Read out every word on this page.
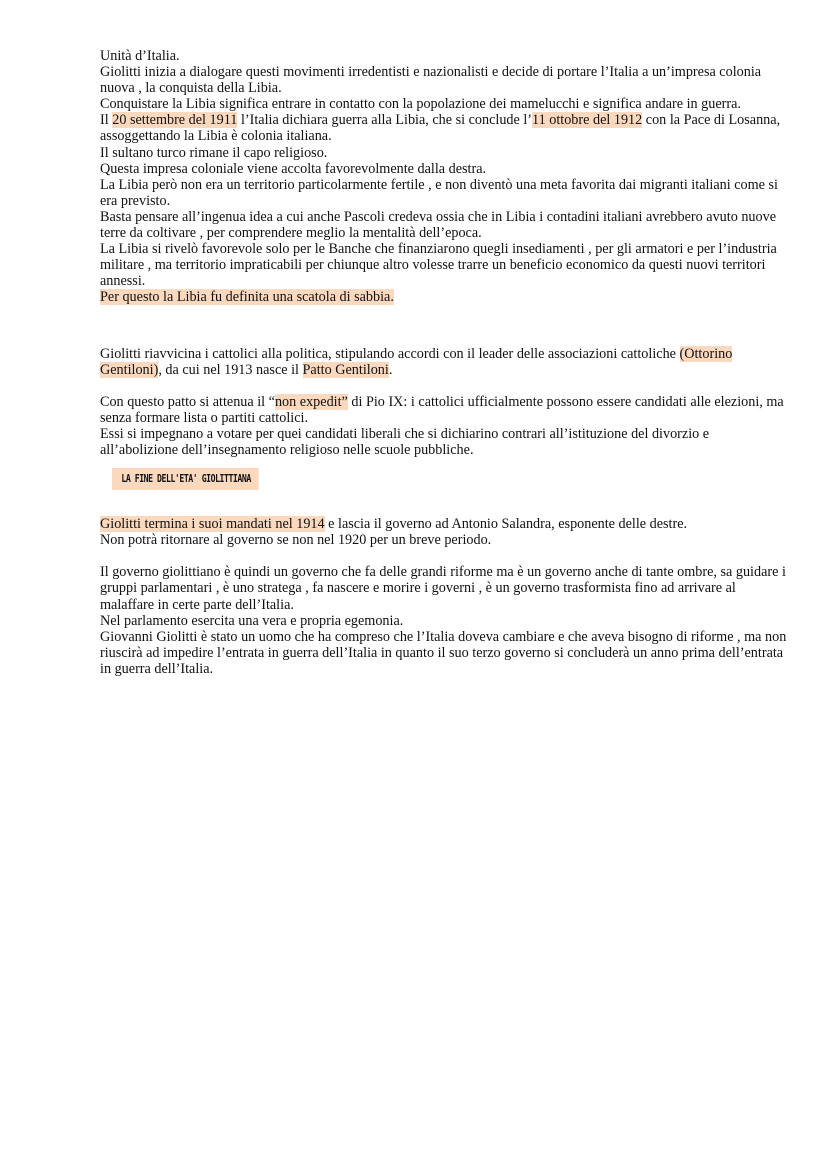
Unità d’Italia.

Giolitti inizia a dialogare questi movimenti irredentisti e nazionalisti e decide di portare l’Italia a un’impresa colonia nuova , la conquista della Libia.

Conquistare la Libia significa entrare in contatto con la popolazione dei mamelucchi e significa andare in guerra.

Il 20 settembre del 1911 l’Italia dichiara guerra alla Libia, che si conclude l’11 ottobre del 1912 con la Pace di Losanna, assoggettando la Libia è colonia italiana.

Il sultano turco rimane il capo religioso.

Questa impresa coloniale viene accolta favorevolmente dalla destra.

La Libia però non era un territorio particolarmente fertile , e non diventò una meta favorita dai migranti italiani come si era previsto.

Basta pensare all’ingenua idea a cui anche Pascoli credeva ossia che in Libia i contadini italiani avrebbero avuto nuove terre da coltivare , per comprendere meglio la mentalità dell’epoca.

La Libia si rivelò favorevole solo per le Banche che finanziarono quegli insediamenti , per gli armatori e per l’industria militare , ma territorio impraticabili per chiunque altro volesse trarre un beneficio economico da questi nuovi territori annessi.

Per questo la Libia fu definita una scatola di sabbia.

Giolitti riavvicina i cattolici alla politica, stipulando accordi con il leader delle associazioni cattoliche (Ottorino Gentiloni), da cui nel 1913 nasce il Patto Gentiloni.

Con questo patto si attenua il “non expedit” di Pio IX: i cattolici ufficialmente possono essere candidati alle elezioni, ma senza formare lista o partiti cattolici.

Essi si impegnano a votare per quei candidati liberali che si dichiarino contrari all’istituzione del divorzio e all’abolizione dell’insegnamento religioso nelle scuole pubbliche.

LA FINE DELL'ETA' GIOLITTIANA

Giolitti termina i suoi mandati nel 1914 e lascia il governo ad Antonio Salandra, esponente delle destre.

Non potrà ritornare al governo se non nel 1920 per un breve periodo.

Il governo giolittiano è quindi un governo che fa delle grandi riforme ma è un governo anche di tante ombre, sa guidare i gruppi parlamentari , è uno stratega , fa nascere e morire i governi , è un governo trasformista fino ad arrivare al malaffare in certe parte dell’Italia.

Nel parlamento esercita una vera e propria egemonia.

Giovanni Giolitti è stato un uomo che ha compreso che l’Italia doveva cambiare e che aveva bisogno di riforme , ma non riuscirà ad impedire l’entrata in guerra dell’Italia in quanto il suo terzo governo si concluderà un anno prima dell’entrata in guerra dell’Italia.
